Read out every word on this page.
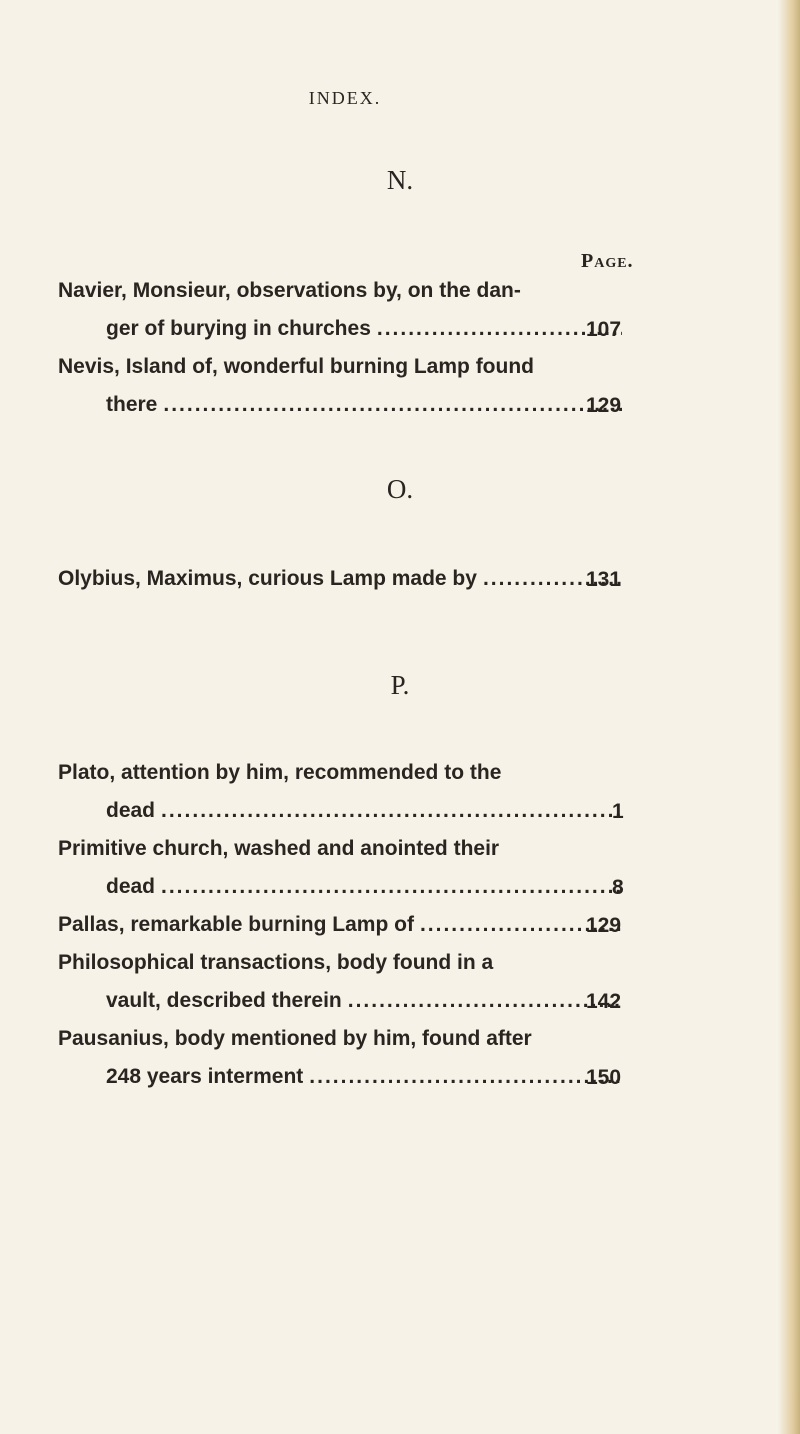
INDEX.
N.
Page.
Navier, Monsieur, observations by, on the dan-
ger of burying in churches .....	107
Nevis, Island of, wonderful burning Lamp found
there .....	129
O.
Olybius, Maximus, curious Lamp made by .....	131
P.
Plato, attention by him, recommended to the
dead .....	1
Primitive church, washed and anointed their
dead .....	8
Pallas, remarkable burning Lamp of .....	129
Philosophical transactions, body found in a
vault, described therein .....	142
Pausanius, body mentioned by him, found after
248 years interment .....	150
